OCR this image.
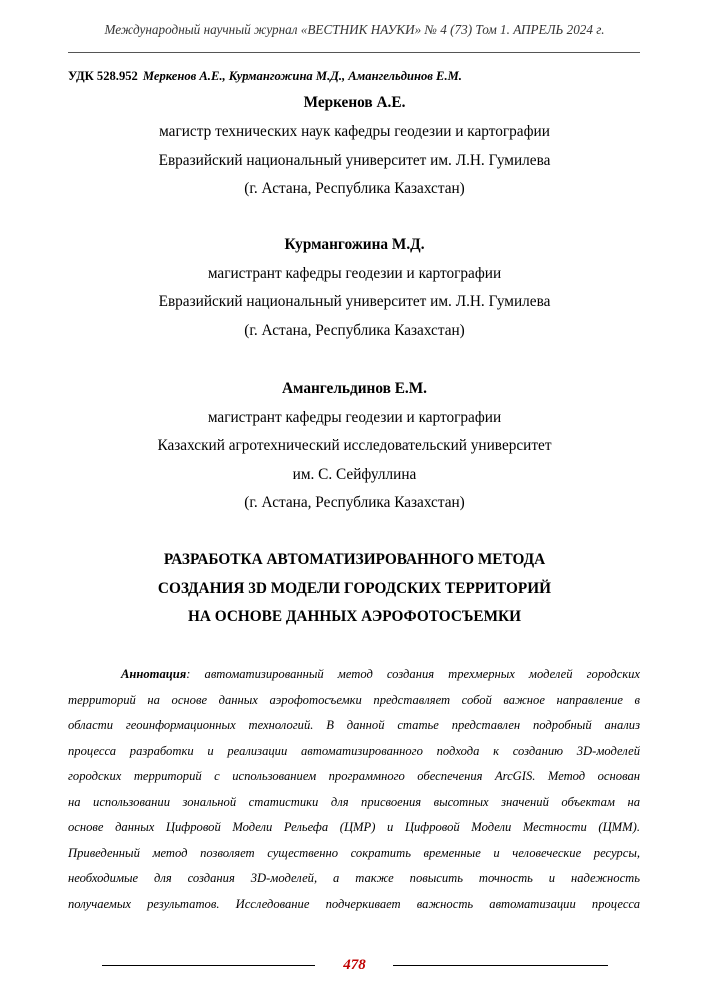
Международный научный журнал «ВЕСТНИК НАУКИ» № 4 (73) Том 1. АПРЕЛЬ 2024 г.
УДК 528.952 Меркенов А.Е., Курмангожина М.Д., Амангельдинов Е.М.
Меркенов А.Е.
магистр технических наук кафедры геодезии и картографии
Евразийский национальный университет им. Л.Н. Гумилева
(г. Астана, Республика Казахстан)
Курмангожина М.Д.
магистрант кафедры геодезии и картографии
Евразийский национальный университет им. Л.Н. Гумилева
(г. Астана, Республика Казахстан)
Амангельдинов Е.М.
магистрант кафедры геодезии и картографии
Казахский агротехнический исследовательский университет
им. С. Сейфуллина
(г. Астана, Республика Казахстан)
РАЗРАБОТКА АВТОМАТИЗИРОВАННОГО МЕТОДА
СОЗДАНИЯ 3D МОДЕЛИ ГОРОДСКИХ ТЕРРИТОРИЙ
НА ОСНОВЕ ДАННЫХ АЭРОФОТОСЪЕМКИ
Аннотация: автоматизированный метод создания трехмерных моделей городских
территорий на основе данных аэрофотосъемки представляет собой важное направление в
области геоинформационных технологий. В данной статье представлен подробный анализ
процесса разработки и реализации автоматизированного подхода к созданию 3D-моделей
городских территорий с использованием программного обеспечения ArcGIS. Метод основан
на использовании зональной статистики для присвоения высотных значений объектам на
основе данных Цифровой Модели Рельефа (ЦМР) и Цифровой Модели Местности (ЦММ).
Приведенный метод позволяет существенно сократить временные и человеческие ресурсы,
необходимые для создания 3D-моделей, а также повысить точность и надежность
получаемых результатов. Исследование подчеркивает важность автоматизации процесса
478
